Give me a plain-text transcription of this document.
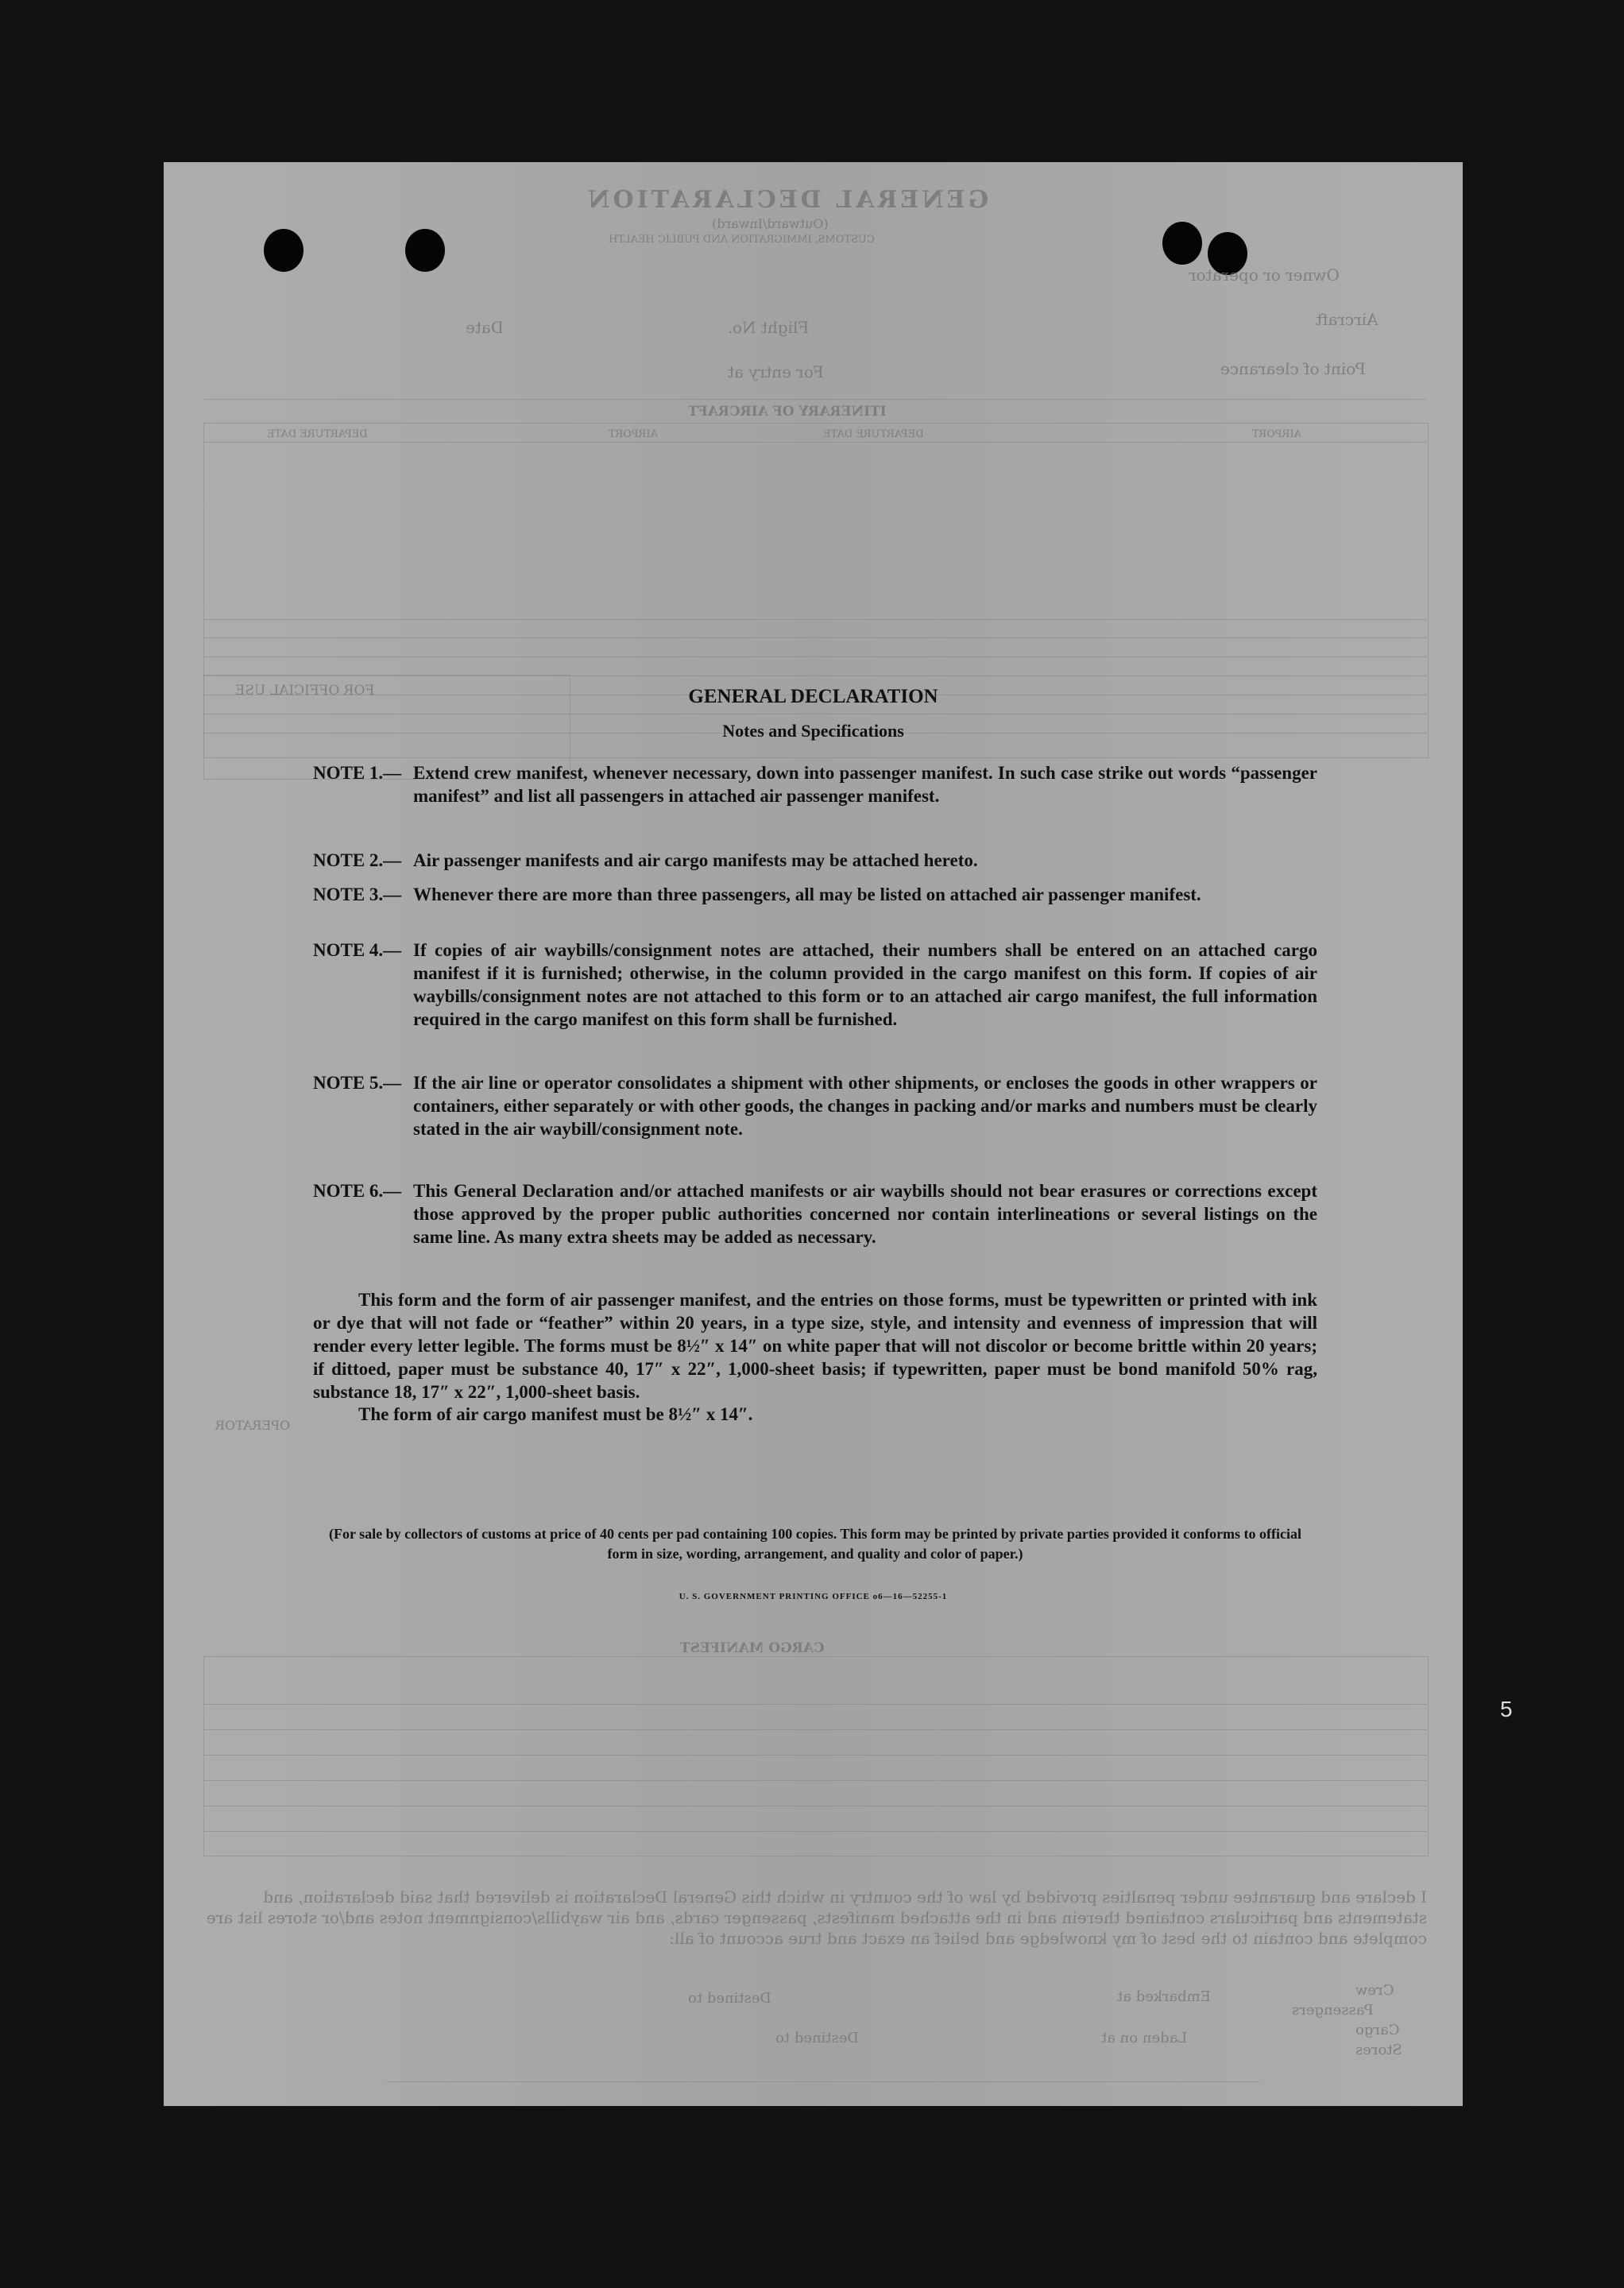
GENERAL DECLARATION
(Outward/Inward)
CUSTOMS, IMMIGRATION AND PUBLIC HEALTH
Owner or operator
Aircraft
Flight No.
Date
Point of clearance
For entry at
ITINERARY OF AIRCRAFT
AIRPORT
DEPARTURE DATE
AIRPORT
DEPARTURE DATE
FOR OFFICIAL USE
OPERATOR
CARGO MANIFEST
I declare and guarantee under penalties provided by law of the country in which this General Declaration is delivered that said declaration, and statements and particulars contained therein and in the attached manifests, passenger cards, and air waybills/consignment notes and/or stores list are complete and contain to the best of my knowledge and belief an exact and true account of all:
Crew
Passengers
Cargo
Stores
Embarked at
Laden on at
Destined to
Destined to
GENERAL DECLARATION
Notes and Specifications
NOTE 1.— Extend crew manifest, whenever necessary, down into passenger manifest. In such case strike out words “passenger manifest” and list all passengers in attached air passenger manifest.
NOTE 2.— Air passenger manifests and air cargo manifests may be attached hereto.
NOTE 3.— Whenever there are more than three passengers, all may be listed on attached air passenger manifest.
NOTE 4.— If copies of air waybills/consignment notes are attached, their numbers shall be entered on an attached cargo manifest if it is furnished; otherwise, in the column provided in the cargo manifest on this form. If copies of air waybills/consignment notes are not attached to this form or to an attached air cargo manifest, the full information required in the cargo manifest on this form shall be furnished.
NOTE 5.— If the air line or operator consolidates a shipment with other shipments, or encloses the goods in other wrappers or containers, either separately or with other goods, the changes in packing and/or marks and numbers must be clearly stated in the air waybill/consignment note.
NOTE 6.— This General Declaration and/or attached manifests or air waybills should not bear erasures or corrections except those approved by the proper public authorities concerned nor contain interlineations or several listings on the same line. As many extra sheets may be added as necessary.
This form and the form of air passenger manifest, and the entries on those forms, must be typewritten or printed with ink or dye that will not fade or “feather” within 20 years, in a type size, style, and intensity and evenness of impression that will render every letter legible. The forms must be 8½″ x 14″ on white paper that will not discolor or become brittle within 20 years; if dittoed, paper must be substance 40, 17″ x 22″, 1,000-sheet basis; if typewritten, paper must be bond manifold 50% rag, substance 18, 17″ x 22″, 1,000-sheet basis.
The form of air cargo manifest must be 8½″ x 14″.
(For sale by collectors of customs at price of 40 cents per pad containing 100 copies. This form may be printed by private parties provided it conforms to official form in size, wording, arrangement, and quality and color of paper.)
U. S. GOVERNMENT PRINTING OFFICE o6—16—52255-1
5
